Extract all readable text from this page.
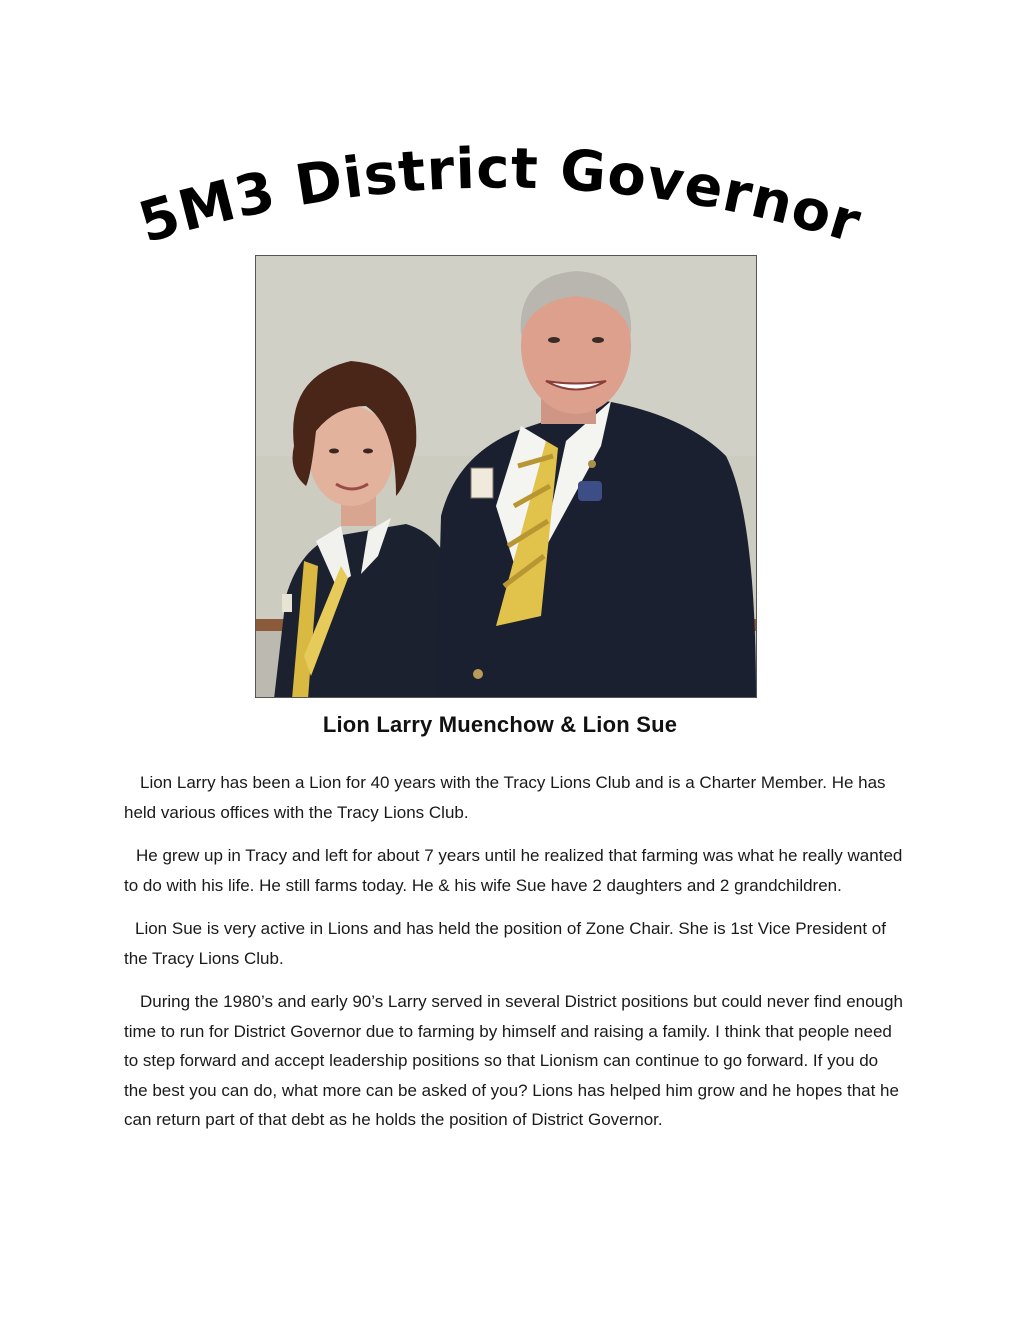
5M3 District Governor
Lion Larry Muenchow & Lion Sue

Lion Larry has been a Lion for 40 years with the Tracy Lions Club and is a Charter Member. He has held various offices with the Tracy Lions Club.

He grew up in Tracy and left for about 7 years until he realized that farming was what he really wanted to do with his life. He still farms today. He & his wife Sue have 2 daughters and 2 grandchildren.

Lion Sue is very active in Lions and has held the position of Zone Chair. She is 1st Vice President of the Tracy Lions Club.

During the 1980’s and early 90’s Larry served in several District positions but could never find enough time to run for District Governor due to farming by himself and raising a family. I think that people need to step forward and accept leadership positions so that Lionism can continue to go forward. If you do the best you can do, what more can be asked of you? Lions has helped him grow and he hopes that he can return part of that debt as he holds the position of District Governor.
